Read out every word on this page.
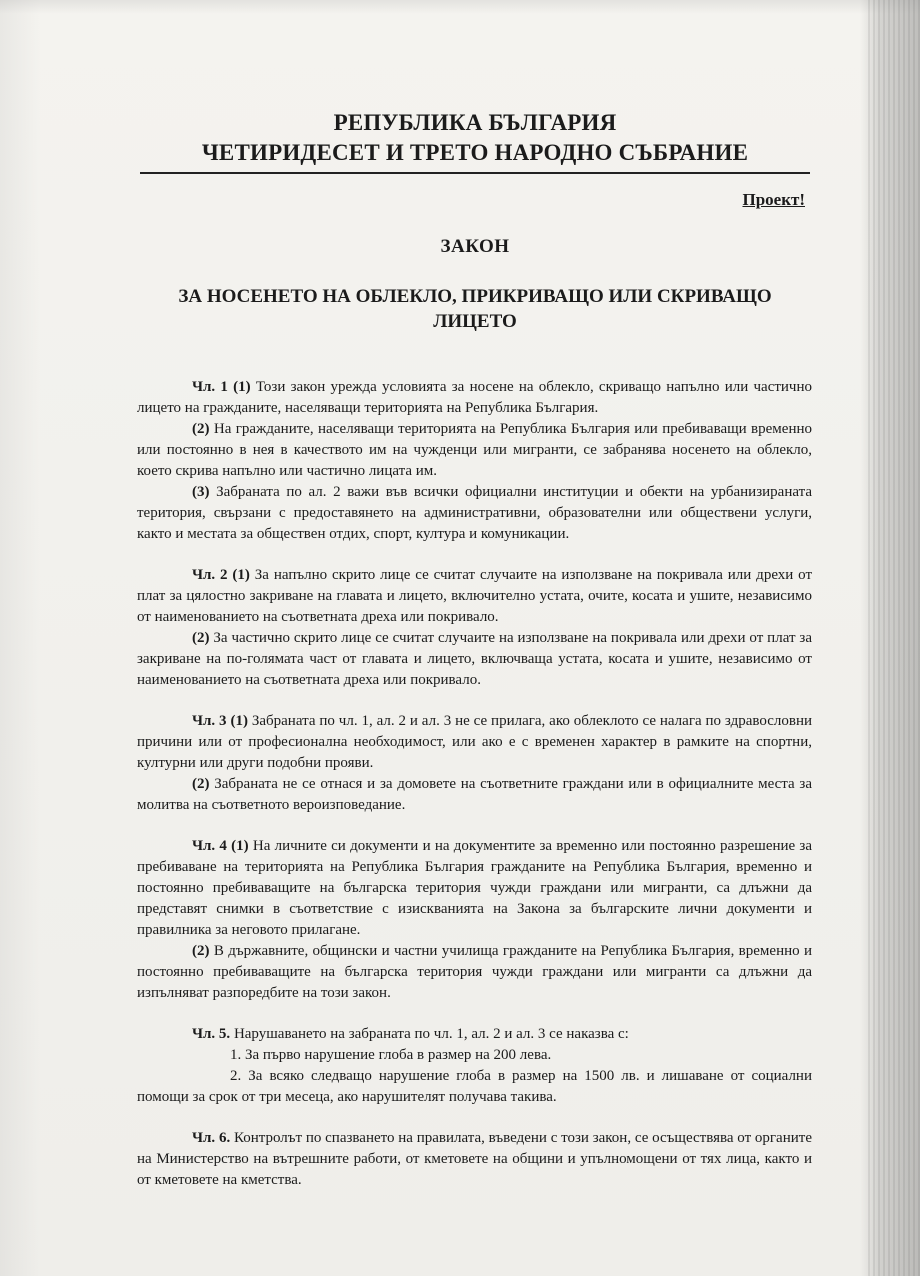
РЕПУБЛИКА БЪЛГАРИЯ
ЧЕТИРИДЕСЕТ И ТРЕТО НАРОДНО СЪБРАНИЕ
Проект!
ЗАКОН
ЗА НОСЕНЕТО НА ОБЛЕКЛО, ПРИКРИВАЩО ИЛИ СКРИВАЩО ЛИЦЕТО

Чл. 1 (1) Този закон урежда условията за носене на облекло, скриващо напълно или частично лицето на гражданите, населяващи територията на Република България.

(2) На гражданите, населяващи територията на Република България или пребиваващи временно или постоянно в нея в качеството им на чужденци или мигранти, се забранява носенето на облекло, което скрива напълно или частично лицата им.

(3) Забраната по ал. 2 важи във всички официални институции и обекти на урбанизираната територия, свързани с предоставянето на административни, образователни или обществени услуги, както и местата за обществен отдих, спорт, култура и комуникации.

Чл. 2 (1) За напълно скрито лице се считат случаите на използване на покривала или дрехи от плат за цялостно закриване на главата и лицето, включително устата, очите, косата и ушите, независимо от наименованието на съответната дреха или покривало.

(2) За частично скрито лице се считат случаите на използване на покривала или дрехи от плат за закриване на по-голямата част от главата и лицето, включваща устата, косата и ушите, независимо от наименованието на съответната дреха или покривало.

Чл. 3 (1) Забраната по чл. 1, ал. 2 и ал. 3 не се прилага, ако облеклото се налага по здравословни причини или от професионална необходимост, или ако е с временен характер в рамките на спортни, културни или други подобни прояви.

(2) Забраната не се отнася и за домовете на съответните граждани или в официалните места за молитва на съответното вероизповедание.

Чл. 4 (1) На личните си документи и на документите за временно или постоянно разрешение за пребиваване на територията на Република България гражданите на Република България, временно и постоянно пребиваващите на българска територия чужди граждани или мигранти, са длъжни да представят снимки в съответствие с изискванията на Закона за българските лични документи и правилника за неговото прилагане.

(2) В държавните, общински и частни училища гражданите на Република България, временно и постоянно пребиваващите на българска територия чужди граждани или мигранти са длъжни да изпълняват разпоредбите на този закон.

Чл. 5. Нарушаването на забраната по чл. 1, ал. 2 и ал. 3 се наказва с:

1. За първо нарушение глоба в размер на 200 лева.

2. За всяко следващо нарушение глоба в размер на 1500 лв. и лишаване от социални помощи за срок от три месеца, ако нарушителят получава такива.

Чл. 6. Контролът по спазването на правилата, въведени с този закон, се осъществява от органите на Министерство на вътрешните работи, от кметовете на общини и упълномощени от тях лица, както и от кметовете на кметства.
